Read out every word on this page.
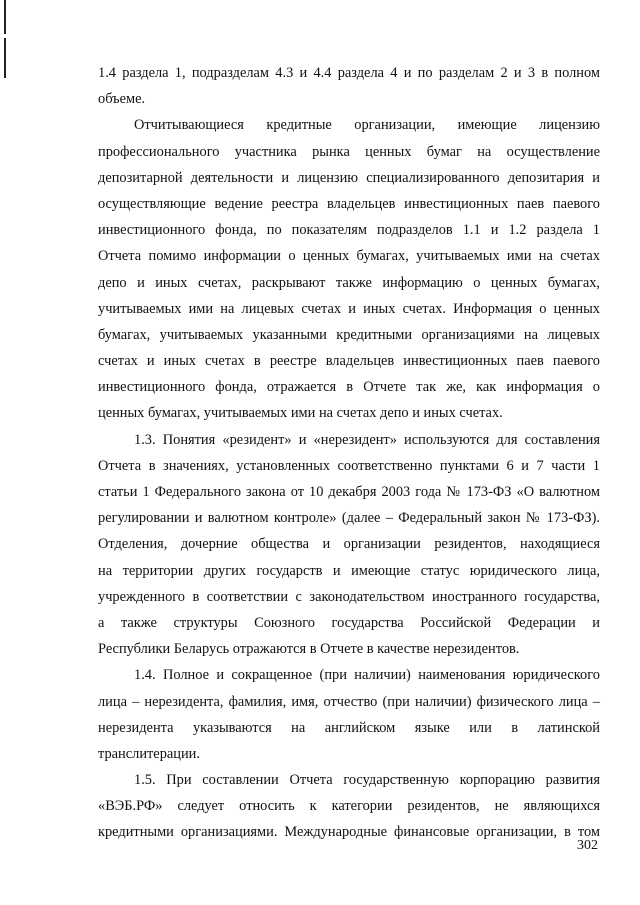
1.4 раздела 1, подразделам 4.3 и 4.4 раздела 4 и по разделам 2 и 3 в полном
объеме.
Отчитывающиеся кредитные организации, имеющие лицензию
профессионального участника рынка ценных бумаг на осуществление
депозитарной деятельности и лицензию специализированного депозитария и
осуществляющие ведение реестра владельцев инвестиционных паев паевого
инвестиционного фонда, по показателям подразделов 1.1 и 1.2 раздела 1
Отчета помимо информации о ценных бумагах, учитываемых ими на счетах
депо и иных счетах, раскрывают также информацию о ценных бумагах,
учитываемых ими на лицевых счетах и иных счетах. Информация о ценных
бумагах, учитываемых указанными кредитными организациями на лицевых
счетах и иных счетах в реестре владельцев инвестиционных паев паевого
инвестиционного фонда, отражается в Отчете так же, как информация о
ценных бумагах, учитываемых ими на счетах депо и иных счетах.
1.3. Понятия «резидент» и «нерезидент» используются для составления
Отчета в значениях, установленных соответственно пунктами 6 и 7 части 1
статьи 1 Федерального закона от 10 декабря 2003 года № 173-ФЗ «О валютном
регулировании и валютном контроле» (далее – Федеральный закон № 173-ФЗ).
Отделения, дочерние общества и организации резидентов, находящиеся
на территории других государств и имеющие статус юридического лица,
учрежденного в соответствии с законодательством иностранного государства,
а также структуры Союзного государства Российской Федерации и
Республики Беларусь отражаются в Отчете в качестве нерезидентов.
1.4. Полное и сокращенное (при наличии) наименования юридического
лица – нерезидента, фамилия, имя, отчество (при наличии) физического лица –
нерезидента указываются на английском языке или в латинской
транслитерации.
1.5. При составлении Отчета государственную корпорацию развития
«ВЭБ.РФ» следует относить к категории резидентов, не являющихся
кредитными организациями. Международные финансовые организации, в том
302
